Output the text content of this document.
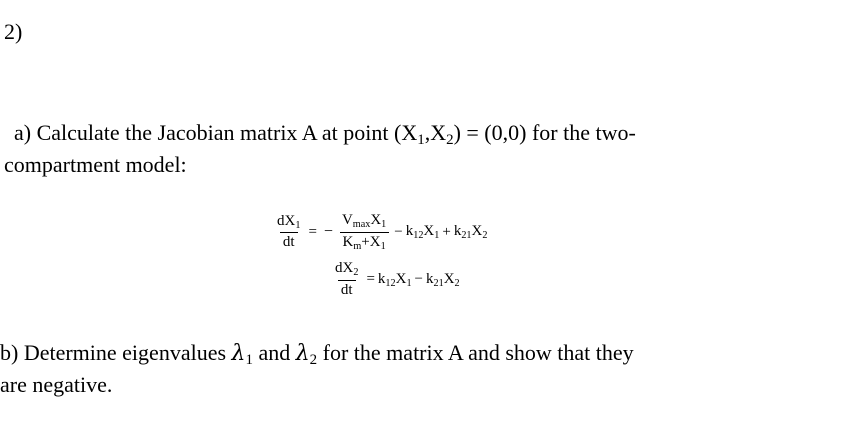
2)
a) Calculate the Jacobian matrix A at point $(X_1,X_2) = (0,0)$ for the two-
compartment model:
$\frac{dX_1}{dt}$ = − $\frac{V_{max}X_1}{K_m+X_1} - k_{12}X_1 + k_{21}X_2$
$\frac{dX_2}{dt} = k_{12}X_1 - k_{21}X_2$
b) Determine eigenvalues $\lambda_1$ and $\lambda_2$ for the matrix A and show that they
are negative.
